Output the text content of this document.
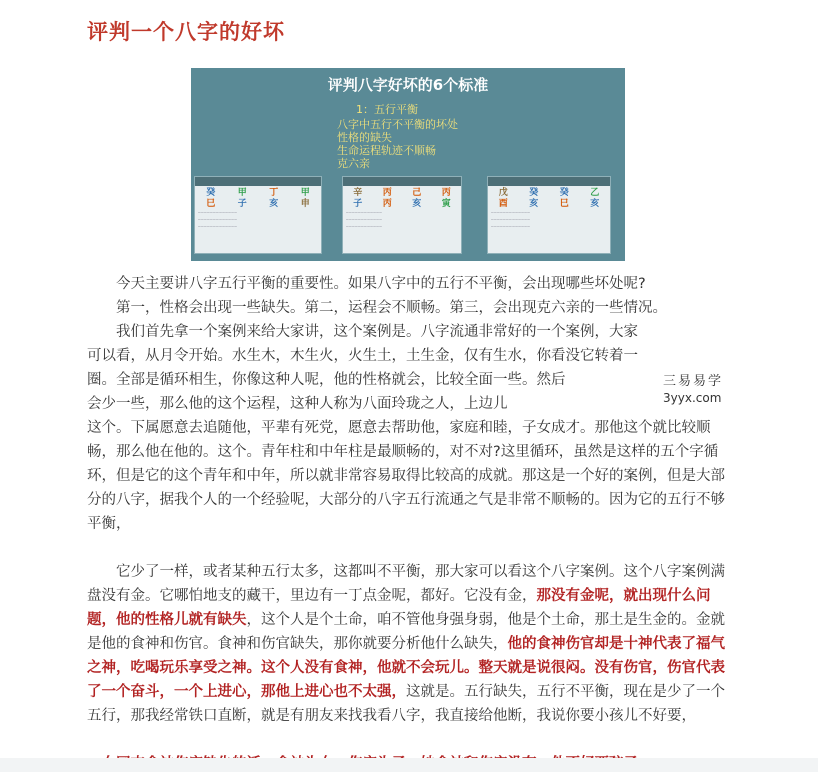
评判一个八字的好坏
评判八字好坏的6个标准
1：五行平衡
八字中五行不平衡的坏处
性格的缺失
生命运程轨迹不顺畅
克六亲
癸	甲	丁	甲
巳	子	亥	申
┈┈┈┈┈┈┈┈┈┈┈┈┈
┈┈┈┈┈┈┈┈┈┈┈┈┈
┈┈┈┈┈┈┈┈┈┈┈┈┈
辛	丙	己	丙
子	丙	亥	寅
┈┈┈┈┈┈┈┈┈┈┈┈
┈┈┈┈┈┈┈┈┈┈┈┈
┈┈┈┈┈┈┈┈┈┈┈┈
戊	癸	癸	乙
酉	亥	巳	亥
┈┈┈┈┈┈┈┈┈┈┈┈┈
┈┈┈┈┈┈┈┈┈┈┈┈┈
┈┈┈┈┈┈┈┈┈┈┈┈┈
今天主要讲八字五行平衡的重要性。如果八字中的五行不平衡，会出现哪些坏处呢?
第一，性格会出现一些缺失。第二，运程会不顺畅。第三，会出现克六亲的一些情况。
我们首先拿一个案例来给大家讲，这个案例是。八字流通非常好的一个案例，大家可以看，从月令开始。水生木，木生火，火生土，土生金，仅有生水，你看没它转着一圈。全部是循环相生，你像这种人呢，他的性格就会，比较全面一些。然后
会少一些，那么他的这个运程，这种人称为八面玲珑之人，上边儿
这个。下属愿意去追随他，平辈有死党，愿意去帮助他，家庭和睦，子女成才。那他这个就比较顺畅，那么他在他的。这个。青年柱和中年柱是最顺畅的，对不对?这里循环，虽然是这样的五个字循环，但是它的这个青年和中年，所以就非常容易取得比较高的成就。那这是一个好的案例，但是大部分的八字，据我个人的一个经验呢，大部分的八字五行流通之气是非常不顺畅的。因为它的五行不够平衡，
它少了一样，或者某种五行太多，这都叫不平衡，那大家可以看这个八字案例。这个八字案例满盘没有金。它哪怕地支的藏干，里边有一丁点金呢，都好。它没有金，那没有金呢，就出现什么问题，他的性格儿就有缺失，这个人是个土命，咱不管他身强身弱，他是个土命，那土是生金的。金就是他的食神和伤官。食神和伤官缺失，那你就要分析他什么缺失，他的食神伤官却是十神代表了福气之神，吃喝玩乐享受之神。这个人没有食神，他就不会玩儿。整天就是说很闷。没有伤官，伤官代表了一个奋斗，一个上进心，那他上进心也不太强，这就是。五行缺失，五行不平衡，现在是少了一个五行，那我经常铁口直断，就是有朋友来找我看八字，我直接给他断，我说你要小孩儿不好要，
三易易学
3yyx.com
